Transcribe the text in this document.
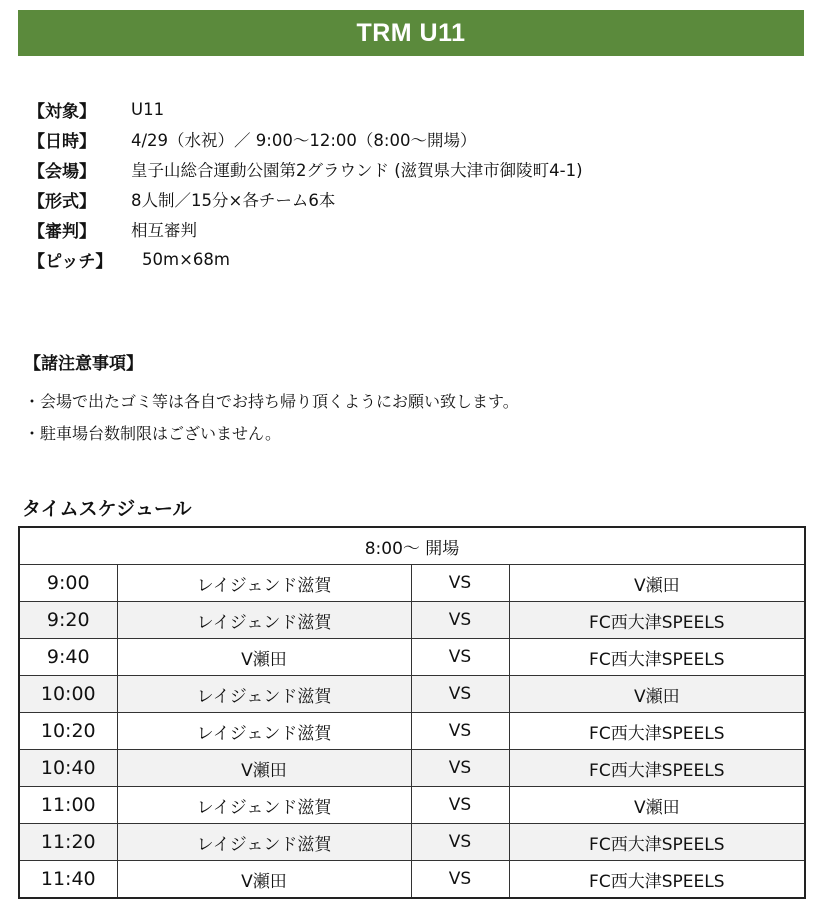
TRM U11
【対象】	U11
【日時】	4/29（水祝）／ 9:00～12:00（8:00～開場）
【会場】	皇子山総合運動公園第2グラウンド (滋賀県大津市御陵町4-1)
【形式】	8人制／15分×各チーム6本
【審判】	相互審判
【ピッチ】	50m×68m
【諸注意事項】
・会場で出たゴミ等は各自でお持ち帰り頂くようにお願い致します。
・駐車場台数制限はございません。
タイムスケジュール
8:00～ 開場			
9:00	レイジェンド滋賀	VS	V瀬田
9:20	レイジェンド滋賀	VS	FC西大津SPEELS
9:40	V瀬田	VS	FC西大津SPEELS
10:00	レイジェンド滋賀	VS	V瀬田
10:20	レイジェンド滋賀	VS	FC西大津SPEELS
10:40	V瀬田	VS	FC西大津SPEELS
11:00	レイジェンド滋賀	VS	V瀬田
11:20	レイジェンド滋賀	VS	FC西大津SPEELS
11:40	V瀬田	VS	FC西大津SPEELS
